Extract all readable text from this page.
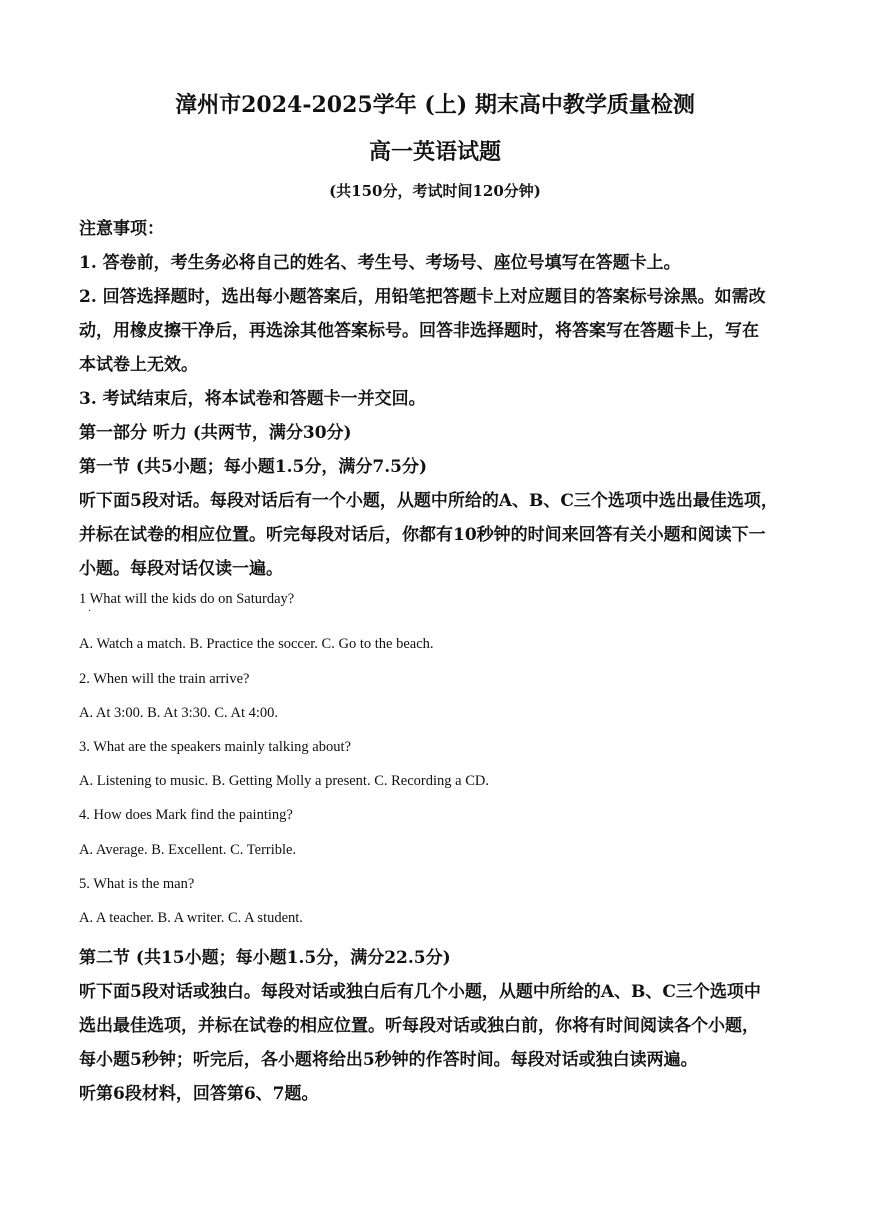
漳州市2024-2025学年 (上) 期末高中教学质量检测
高一英语试题
(共150分，考试时间120分钟)
注意事项：
1. 答卷前，考生务必将自己的姓名、考生号、考场号、座位号填写在答题卡上。
2. 回答选择题时，选出每小题答案后，用铅笔把答题卡上对应题目的答案标号涂黑。如需改
动，用橡皮擦干净后，再选涂其他答案标号。回答非选择题时，将答案写在答题卡上，写在
本试卷上无效。
3. 考试结束后，将本试卷和答题卡一并交回。
第一部分 听力 (共两节，满分30分)
第一节 (共5小题；每小题1.5分，满分7.5分)
听下面5段对话。每段对话后有一个小题，从题中所给的A、B、C三个选项中选出最佳选项，
并标在试卷的相应位置。听完每段对话后，你都有10秒钟的时间来回答有关小题和阅读下一
小题。每段对话仅读一遍。
1 What will the kids do on Saturday?
·
A. Watch a match. B. Practice the soccer. C. Go to the beach.
2. When will the train arrive?
A. At 3:00. B. At 3:30. C. At 4:00.
3. What are the speakers mainly talking about?
A. Listening to music. B. Getting Molly a present. C. Recording a CD.
4. How does Mark find the painting?
A. Average. B. Excellent. C. Terrible.
5. What is the man?
A. A teacher. B. A writer. C. A student.
第二节 (共15小题；每小题1.5分，满分22.5分)
听下面5段对话或独白。每段对话或独白后有几个小题，从题中所给的A、B、C三个选项中
选出最佳选项，并标在试卷的相应位置。听每段对话或独白前，你将有时间阅读各个小题，
每小题5秒钟；听完后，各小题将给出5秒钟的作答时间。每段对话或独白读两遍。
听第6段材料，回答第6、7题。
